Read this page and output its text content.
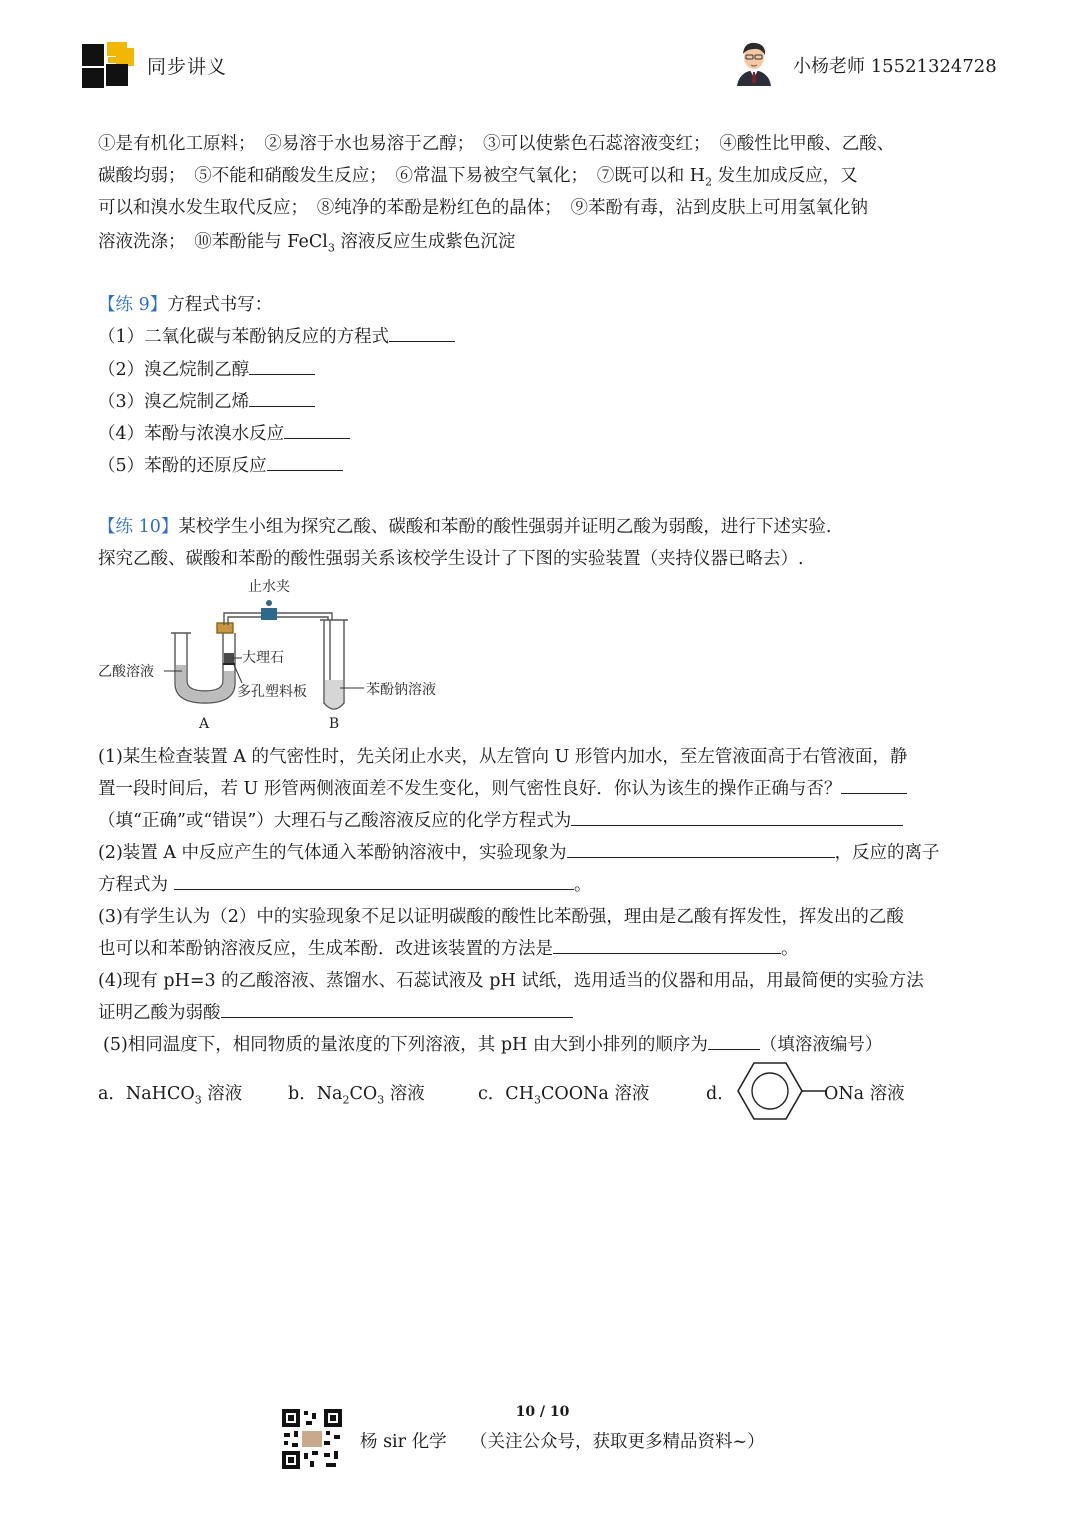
同步讲义	小杨老师 15521324728
①是有机化工原料；　②易溶于水也易溶于乙醇；　③可以使紫色石蕊溶液变红；　④酸性比甲酸、乙酸、
碳酸均弱；　⑤不能和硝酸发生反应；　⑥常温下易被空气氧化；　⑦既可以和 $H_2$ 发生加成反应，又
可以和溴水发生取代反应；　⑧纯净的苯酚是粉红色的晶体；　⑨苯酚有毒，沾到皮肤上可用氢氧化钠
溶液洗涤；　⑩苯酚能与 FeCl$_3$ 溶液反应生成紫色沉淀
【练 9】方程式书写：
（1）二氧化碳与苯酚钠反应的方程式
（2）溴乙烷制乙醇
（3）溴乙烷制乙烯
（4）苯酚与浓溴水反应
（5）苯酚的还原反应
【练 10】某校学生小组为探究乙酸、碳酸和苯酚的酸性强弱并证明乙酸为弱酸，进行下述实验.
探究乙酸、碳酸和苯酚的酸性强弱关系该校学生设计了下图的实验装置（夹持仪器已略去）.
止水夹
乙酸溶液
大理石
多孔塑料板	苯酚钠溶液
A	B
(1)某生检查装置 A 的气密性时，先关闭止水夹，从左管向 U 形管内加水，至左管液面高于右管液面，静
置一段时间后，若 U 形管两侧液面差不发生变化，则气密性良好．你认为该生的操作正确与否？
（填“正确”或“错误”）大理石与乙酸溶液反应的化学方程式为
(2)装置 A 中反应产生的气体通入苯酚钠溶液中，实验现象为	，反应的离子
方程式为	。
(3)有学生认为（2）中的实验现象不足以证明碳酸的酸性比苯酚强，理由是乙酸有挥发性，挥发出的乙酸
也可以和苯酚钠溶液反应，生成苯酚．改进该装置的方法是	。
(4)现有 pH=3 的乙酸溶液、蒸馏水、石蕊试液及 pH 试纸，选用适当的仪器和用品，用最简便的实验方法
证明乙酸为弱酸
(5)相同温度下，相同物质的量浓度的下列溶液，其 pH 由大到小排列的顺序为	（填溶液编号）
a．NaHCO$_3$ 溶液	b．$Na_2CO_3$ 溶液	c．$CH_3COONa$ 溶液	d．	ONa 溶液
10 / 10
杨 sir 化学 （关注公众号，获取更多精品资料~）
